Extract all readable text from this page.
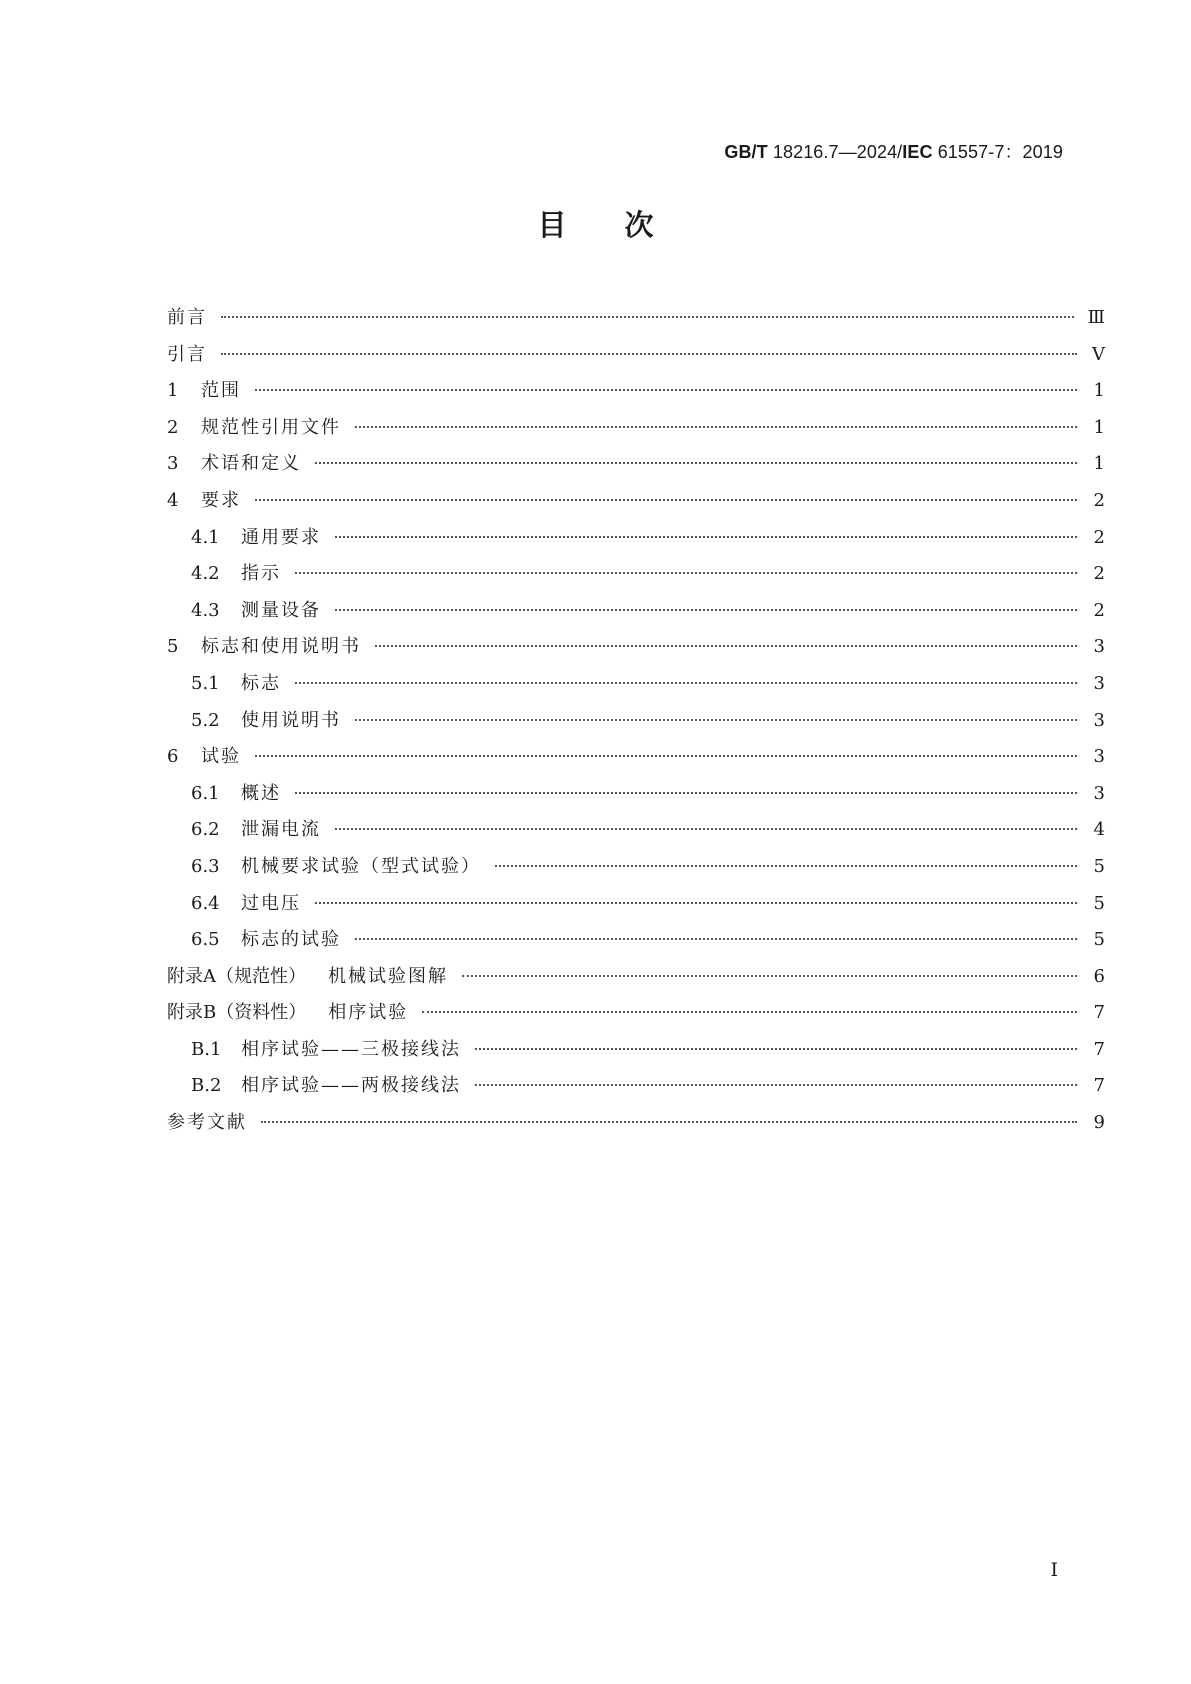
GB/T 18216.7—2024/IEC 61557-7：2019
目次
前言	Ⅲ
引言	Ⅴ
1	范围	1
2	规范性引用文件	1
3	术语和定义	1
4	要求	2
4.1	通用要求	2
4.2	指示	2
4.3	测量设备	2
5	标志和使用说明书	3
5.1	标志	3
5.2	使用说明书	3
6	试验	3
6.1	概述	3
6.2	泄漏电流	4
6.3	机械要求试验（型式试验）	5
6.4	过电压	5
6.5	标志的试验	5
附录A（规范性）	机械试验图解	6
附录B（资料性）	相序试验	7
B.1	相序试验——三极接线法	7
B.2	相序试验——两极接线法	7
参考文献	9
Ⅰ
